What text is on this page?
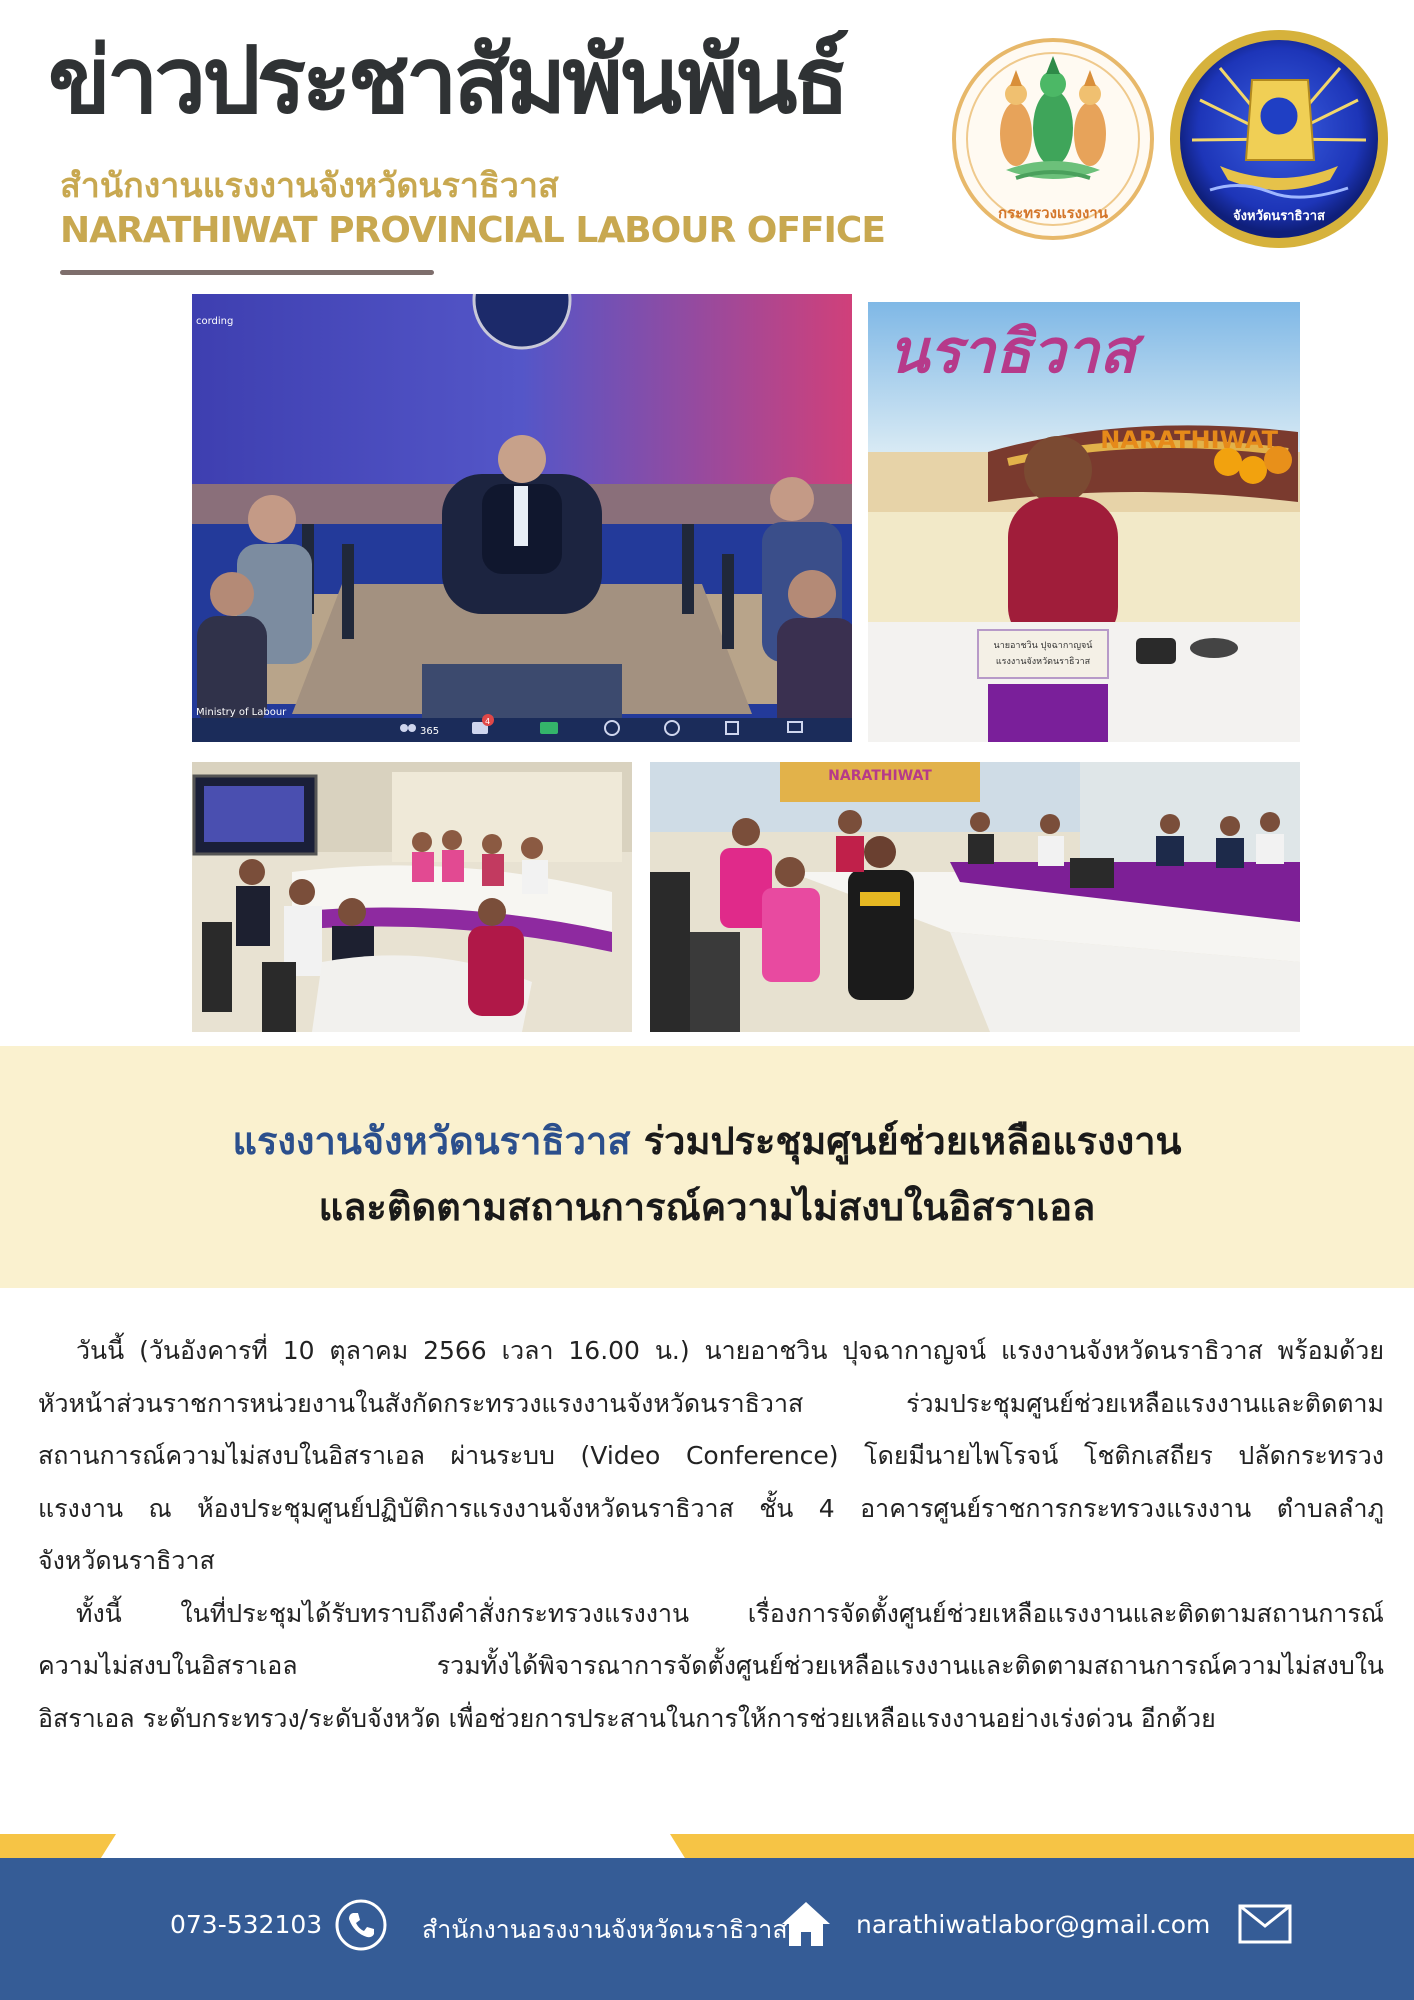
ข่าวประชาสัมพันพันธ์
สำนักงานแรงงานจังหวัดนราธิวาส
NARATHIWAT PROVINCIAL LABOUR OFFICE	กระทรวงแรงงาน	จังหวัดนราธิวาส
cording
Ministry of Labour
365
4
นราธิวาส
NARATHIWAT
นายอาชวิน ปุจฉากาญจน์
แรงงานจังหวัดนราธิวาส
NARATHIWAT
แรงงานจังหวัดนราธิวาส ร่วมประชุมศูนย์ช่วยเหลือแรงงาน
และติดตามสถานการณ์ความไม่สงบในอิสราเอล

วันนี้ (วันอังคารที่ 10 ตุลาคม 2566 เวลา 16.00 น.) นายอาชวิน ปุจฉากาญจน์ แรงงานจังหวัดนราธิวาส พร้อมด้วย
หัวหน้าส่วนราชการหน่วยงานในสังกัดกระทรวงแรงงานจังหวัดนราธิวาส ร่วมประชุมศูนย์ช่วยเหลือแรงงานและติดตาม
สถานการณ์ความไม่สงบในอิสราเอล ผ่านระบบ (Video Conference) โดยมีนายไพโรจน์ โชติกเสถียร ปลัดกระทรวง
แรงงาน ณ ห้องประชุมศูนย์ปฏิบัติการแรงงานจังหวัดนราธิวาส ชั้น 4 อาคารศูนย์ราชการกระทรวงแรงงาน ตำบลลำภู
จังหวัดนราธิวาส

ทั้งนี้ ในที่ประชุมได้รับทราบถึงคำสั่งกระทรวงแรงงาน เรื่องการจัดตั้งศูนย์ช่วยเหลือแรงงานและติดตามสถานการณ์
ความไม่สงบในอิสราเอล รวมทั้งได้พิจารณาการจัดตั้งศูนย์ช่วยเหลือแรงงานและติดตามสถานการณ์ความไม่สงบใน
อิสราเอล ระดับกระทรวง/ระดับจังหวัด เพื่อช่วยการประสานในการให้การช่วยเหลือแรงงานอย่างเร่งด่วน อีกด้วย

073-532103	สำนักงานอรงงานจังหวัดนราธิวาส	narathiwatlabor@gmail.com
